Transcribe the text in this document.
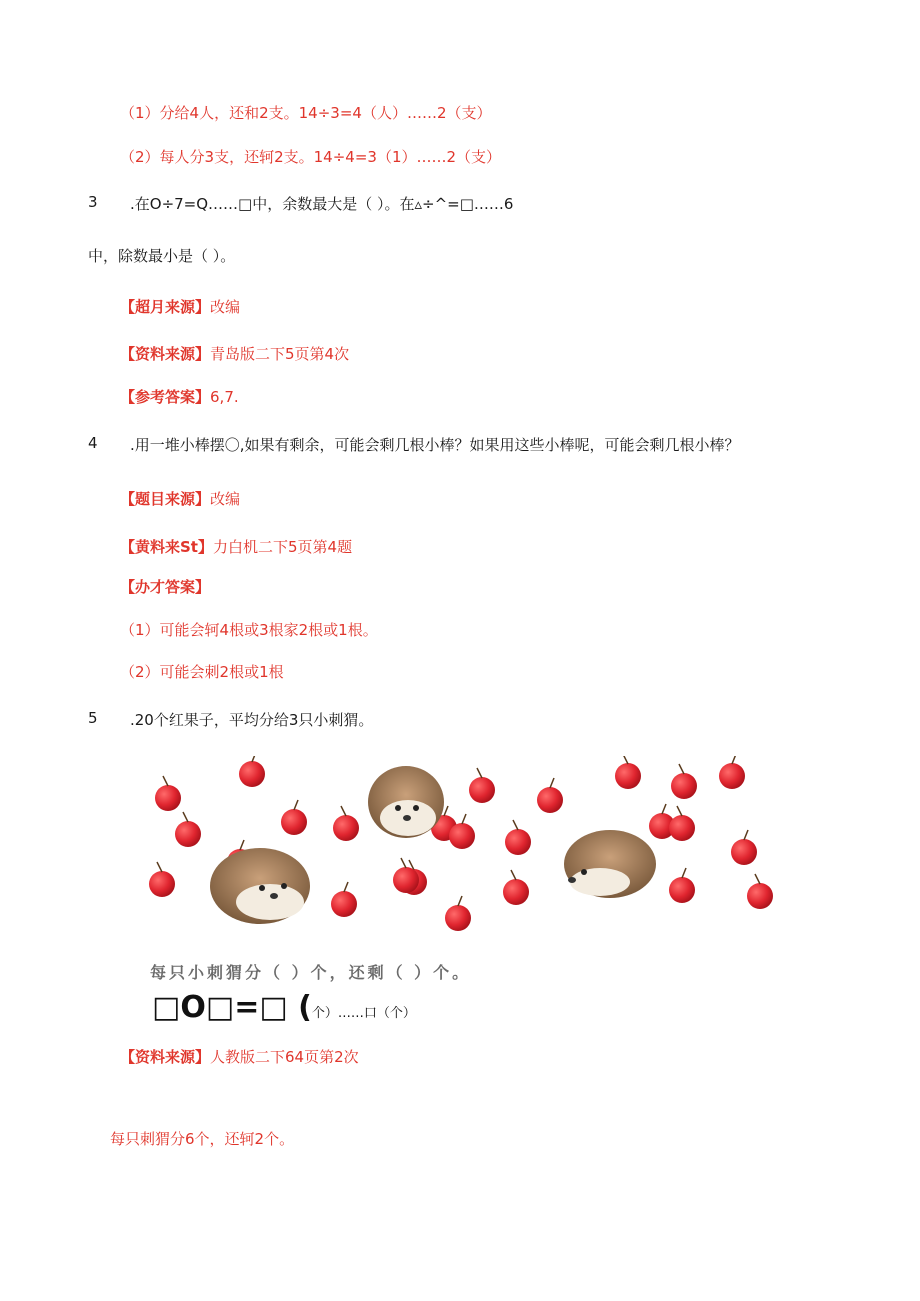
（1）分给4人，还和2支。14÷3=4（人）……2（支）
（2）每人分3支，还轲2支。14÷4=3（1）……2（支）
3 .在O÷7=Q……□中，余数最大是（ ）。在▵÷^=□……6
中，除数最小是（ ）。
【超月来源】改编
【资料来源】青岛版二下5页第4次
【参考答案】6,7.
4 .用一堆小棒摆〇,如果有剩余，可能会剩几根小棒？如果用这些小棒呢，可能会剩几根小棒？
【题目来源】改编
【黄料来St】力白机二下5页第4题
【办才答案】
（1）可能会轲4根或3根家2根或1根。
（2）可能会刺2根或1根
5 .20个红果子，平均分给3只小刺猬。
每只小刺猬分（ ）个，还剩（ ）个。
□O□=□ (个）……口（个）
【资料来源】人教版二下64页第2次
每只刺猬分6个，还轲2个。
